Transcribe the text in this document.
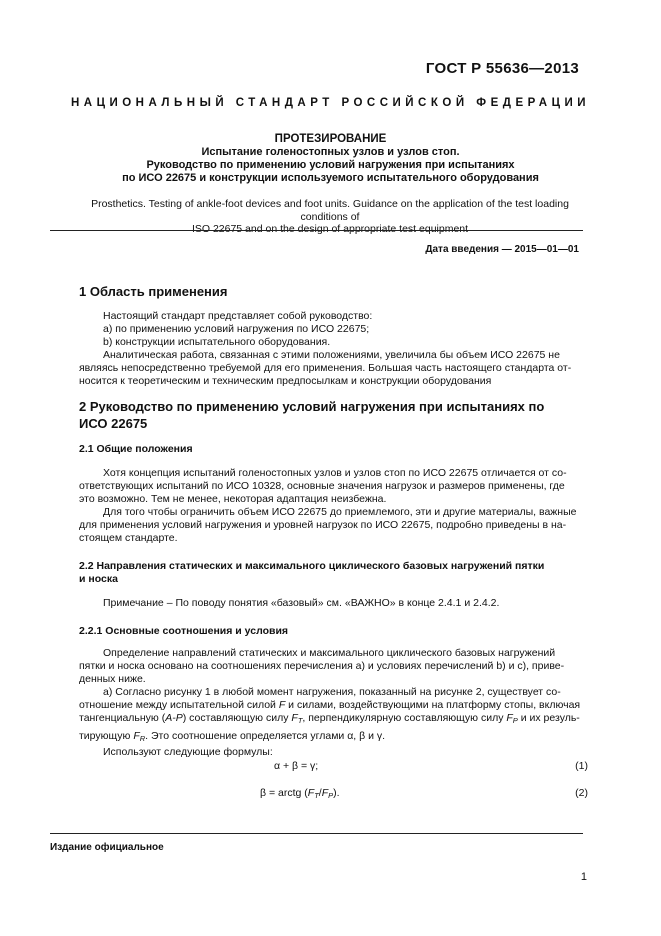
ГОСТ Р 55636—2013
НАЦИОНАЛЬНЫЙ СТАНДАРТ РОССИЙСКОЙ ФЕДЕРАЦИИ
ПРОТЕЗИРОВАНИЕ
Испытание голеностопных узлов и узлов стоп.
Руководство по применению условий нагружения при испытаниях
по ИСО 22675 и конструкции используемого испытательного оборудования
Prosthetics. Testing of ankle-foot devices and foot units. Guidance on the application of the test loading conditions of
ISO 22675 and on the design of appropriate test equipment
Дата введения — 2015—01—01
1 Область применения
Настоящий стандарт представляет собой руководство:
a) по применению условий нагружения по ИСО 22675;
b) конструкции испытательного оборудования.
Аналитическая работа, связанная с этими положениями, увеличила бы объем ИСО 22675 не
являясь непосредственно требуемой для его применения. Большая часть настоящего стандарта от-
носится к теоретическим и техническим предпосылкам и конструкции оборудования
2 Руководство по применению условий нагружения при испытаниях по
ИСО 22675
2.1 Общие положения
Хотя концепция испытаний голеностопных узлов и узлов стоп по ИСО 22675 отличается от со-
ответствующих испытаний по ИСО 10328, основные значения нагрузок и размеров применены, где
это возможно. Тем не менее, некоторая адаптация неизбежна.
Для того чтобы ограничить объем ИСО 22675 до приемлемого, эти и другие материалы, важные
для применения условий нагружения и уровней нагрузок по ИСО 22675, подробно приведены в на-
стоящем стандарте.
2.2 Направления статических и максимального циклического базовых нагружений пятки
и носка
Примечание – По поводу понятия «базовый» см. «ВАЖНО» в конце 2.4.1 и 2.4.2.
2.2.1 Основные соотношения и условия
Определение направлений статических и максимального циклического базовых нагружений
пятки и носка основано на соотношениях перечисления a) и условиях перечислений b) и c), приве-
денных ниже.
a) Согласно рисунку 1 в любой момент нагружения, показанный на рисунке 2, существует со-
отношение между испытательной силой F и силами, воздействующими на платформу стопы, включая
тангенциальную (A-P) составляющую силу $F_T$, перпендикулярную составляющую силу $F_P$ и их резуль-
тирующую $F_R$. Это соотношение определяется углами α, β и γ.
Используют следующие формулы:
α + β = γ;	(1)
β = arctg $(F_T/F_P)$.	(2)
Издание официальное
1
